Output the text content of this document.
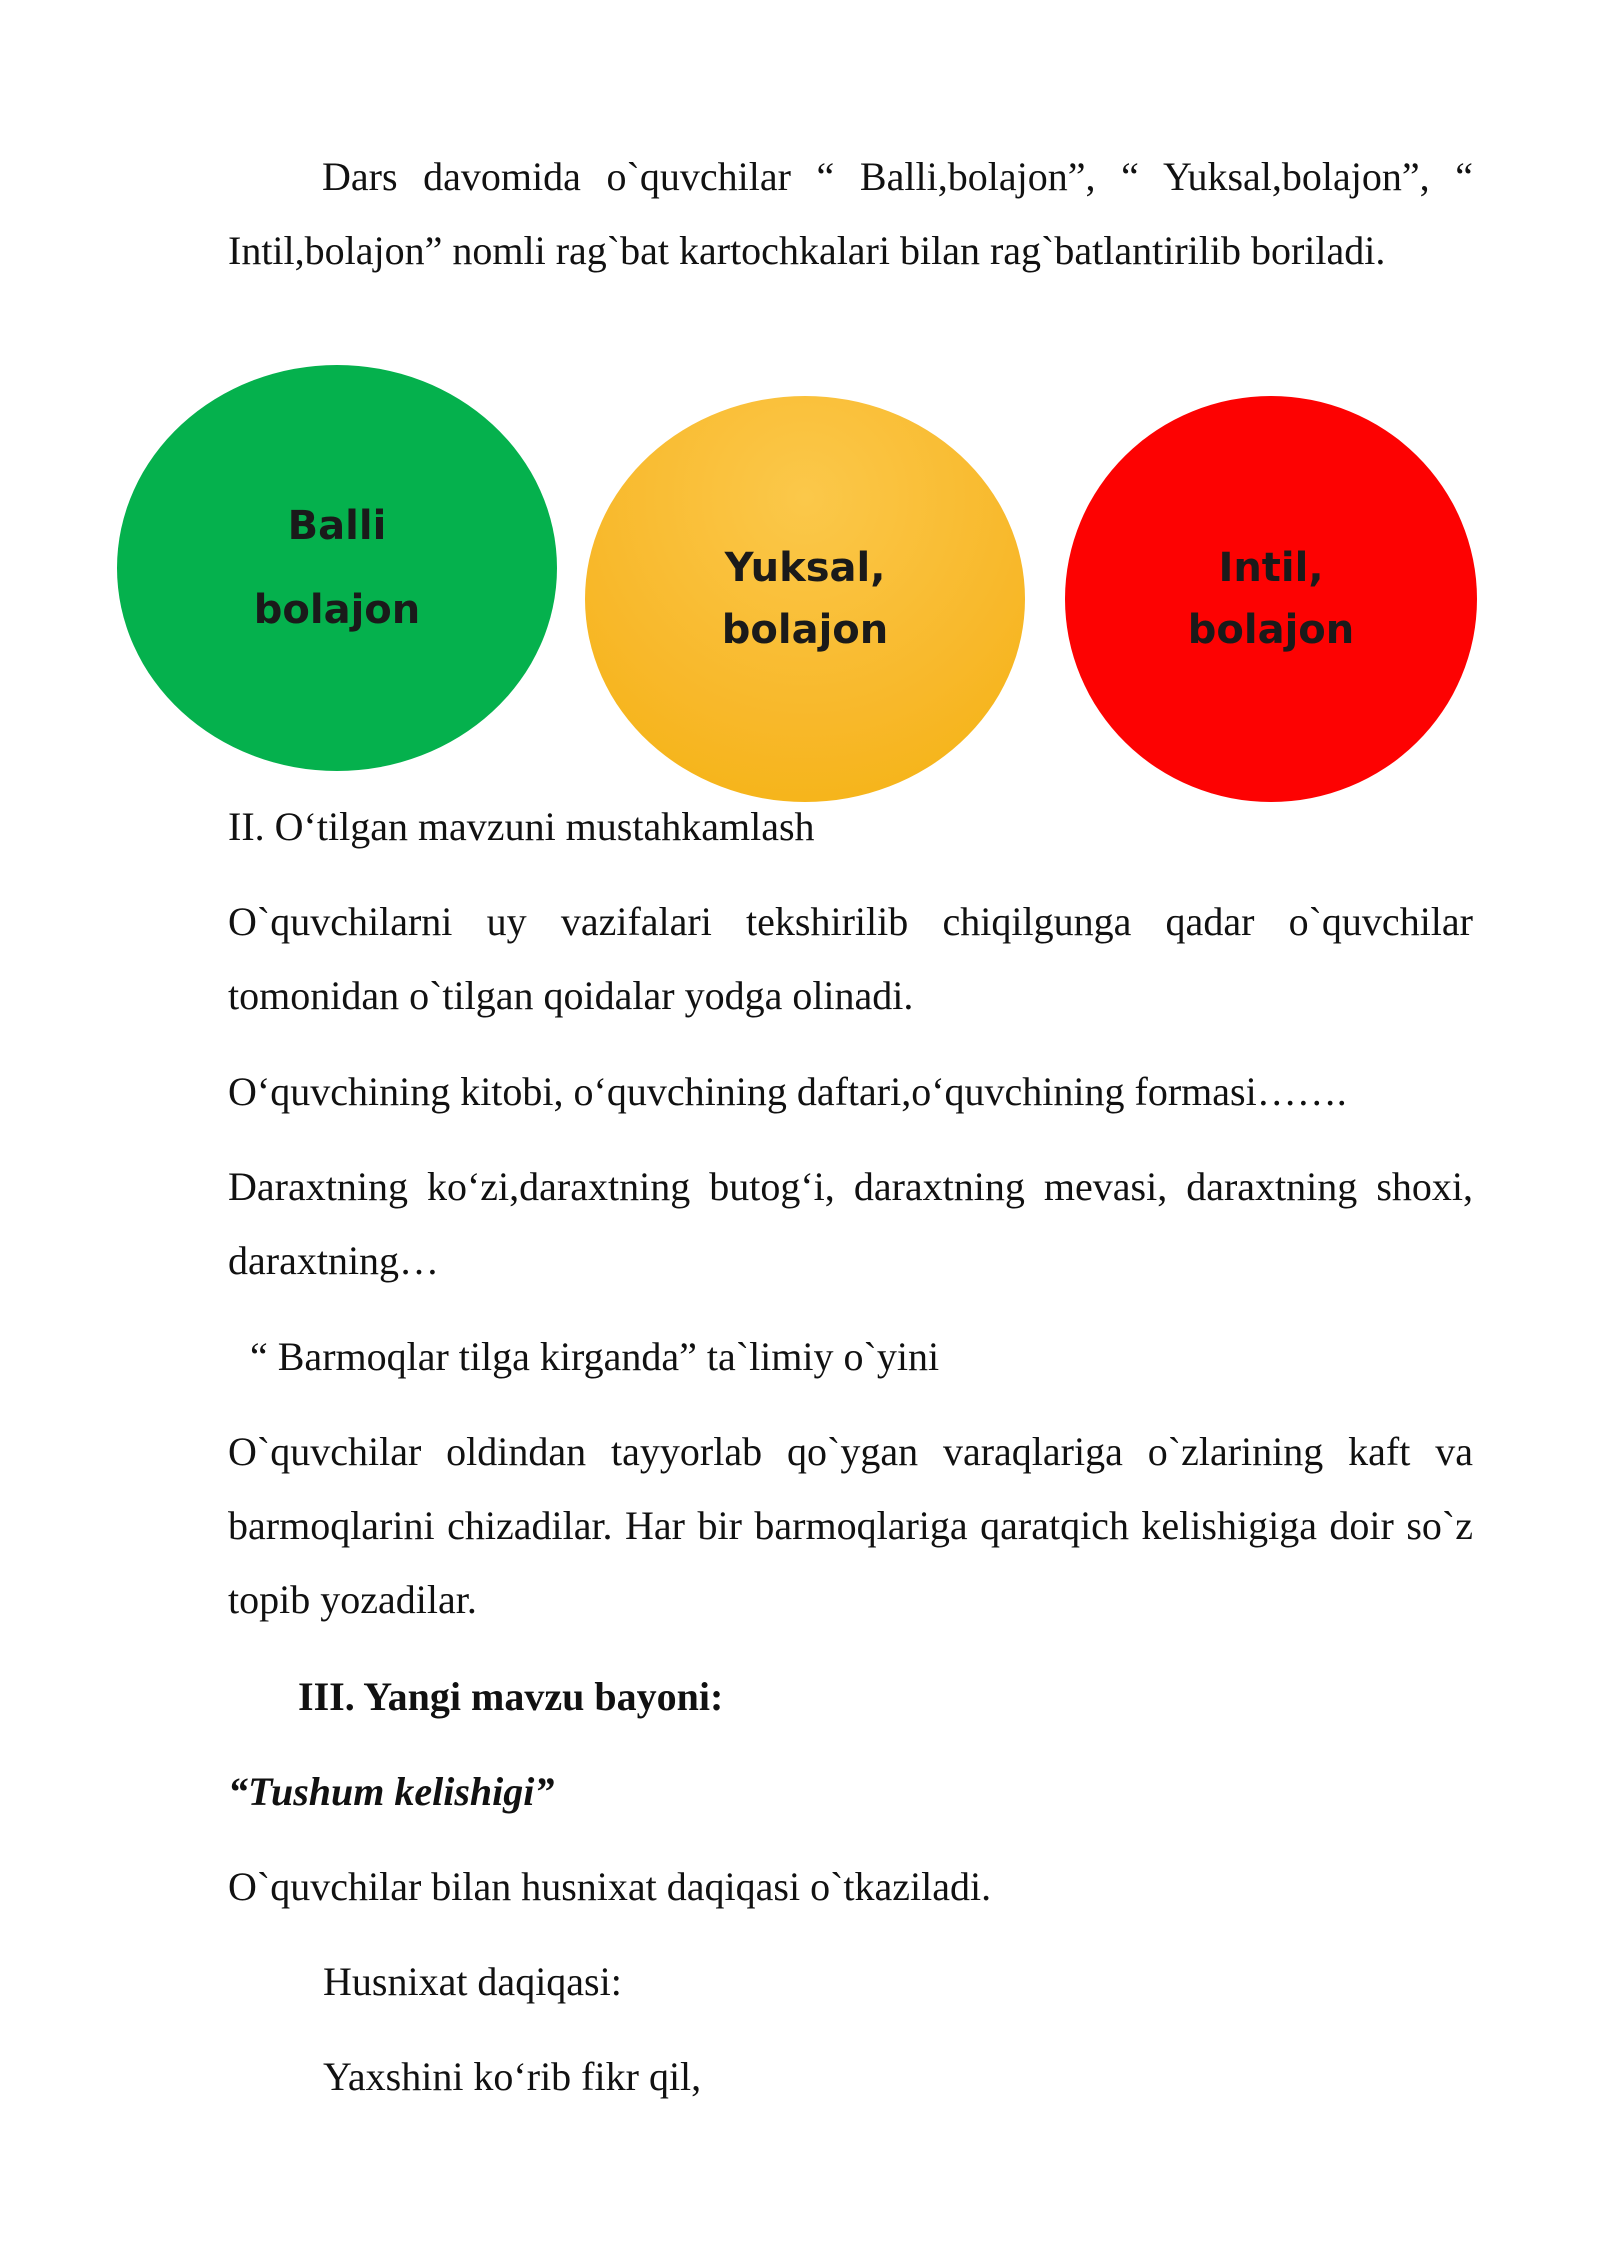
Dars davomida o`quvchilar “ Balli,bolajon”, “ Yuksal,bolajon”, “ Intil,bolajon” nomli rag`bat kartochkalari bilan rag`batlantirilib boriladi.

Balli
bolajon
Yuksal,
bolajon
Intil,
bolajon

II. O‘tilgan mavzuni mustahkamlash

O`quvchilarni uy vazifalari tekshirilib chiqilgunga qadar o`quvchilar tomonidan o`tilgan qoidalar yodga olinadi.

O‘quvchining kitobi, o‘quvchining daftari,o‘quvchining formasi…….

Daraxtning ko‘zi,daraxtning butog‘i, daraxtning mevasi, daraxtning shoxi, daraxtning…

“ Barmoqlar tilga kirganda” ta`limiy o`yini

O`quvchilar oldindan tayyorlab qo`ygan varaqlariga o`zlarining kaft va barmoqlarini chizadilar. Har bir barmoqlariga qaratqich kelishigiga doir so`z topib yozadilar.

III. Yangi mavzu bayoni:

“Tushum kelishigi”

O`quvchilar bilan husnixat daqiqasi o`tkaziladi.

Husnixat daqiqasi:

Yaxshini ko‘rib fikr qil,
